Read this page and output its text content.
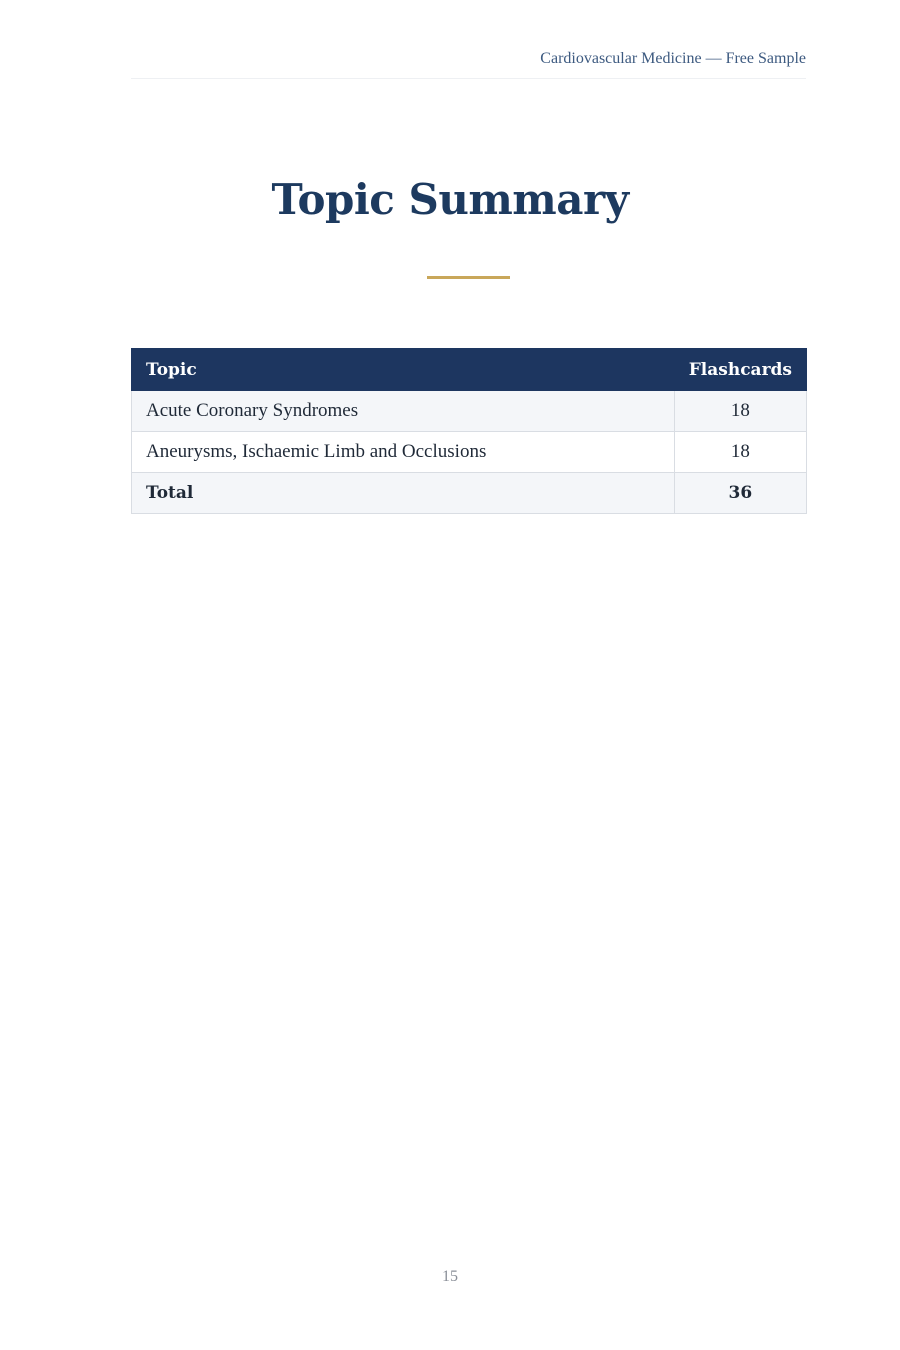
Cardiovascular Medicine — Free Sample
Topic Summary
Topic	Flashcards
Acute Coronary Syndromes	18
Aneurysms, Ischaemic Limb and Occlusions	18
Total	36
15
